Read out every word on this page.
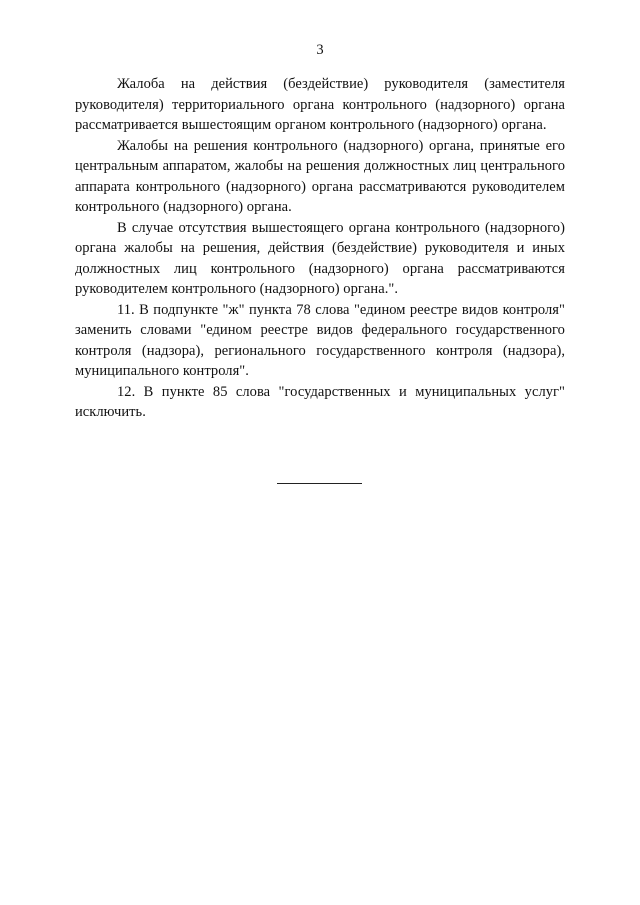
3

Жалоба на действия (бездействие) руководителя (заместителя руководителя) территориального органа контрольного (надзорного) органа рассматривается вышестоящим органом контрольного (надзорного) органа.

Жалобы на решения контрольного (надзорного) органа, принятые его центральным аппаратом, жалобы на решения должностных лиц центрального аппарата контрольного (надзорного) органа рассматриваются руководителем контрольного (надзорного) органа.

В случае отсутствия вышестоящего органа контрольного (надзорного) органа жалобы на решения, действия (бездействие) руководителя и иных должностных лиц контрольного (надзорного) органа рассматриваются руководителем контрольного (надзорного) органа.".

11. В подпункте "ж" пункта 78 слова "едином реестре видов контроля" заменить словами "едином реестре видов федерального государственного контроля (надзора), регионального государственного контроля (надзора), муниципального контроля".

12. В пункте 85 слова "государственных и муниципальных услуг" исключить.
